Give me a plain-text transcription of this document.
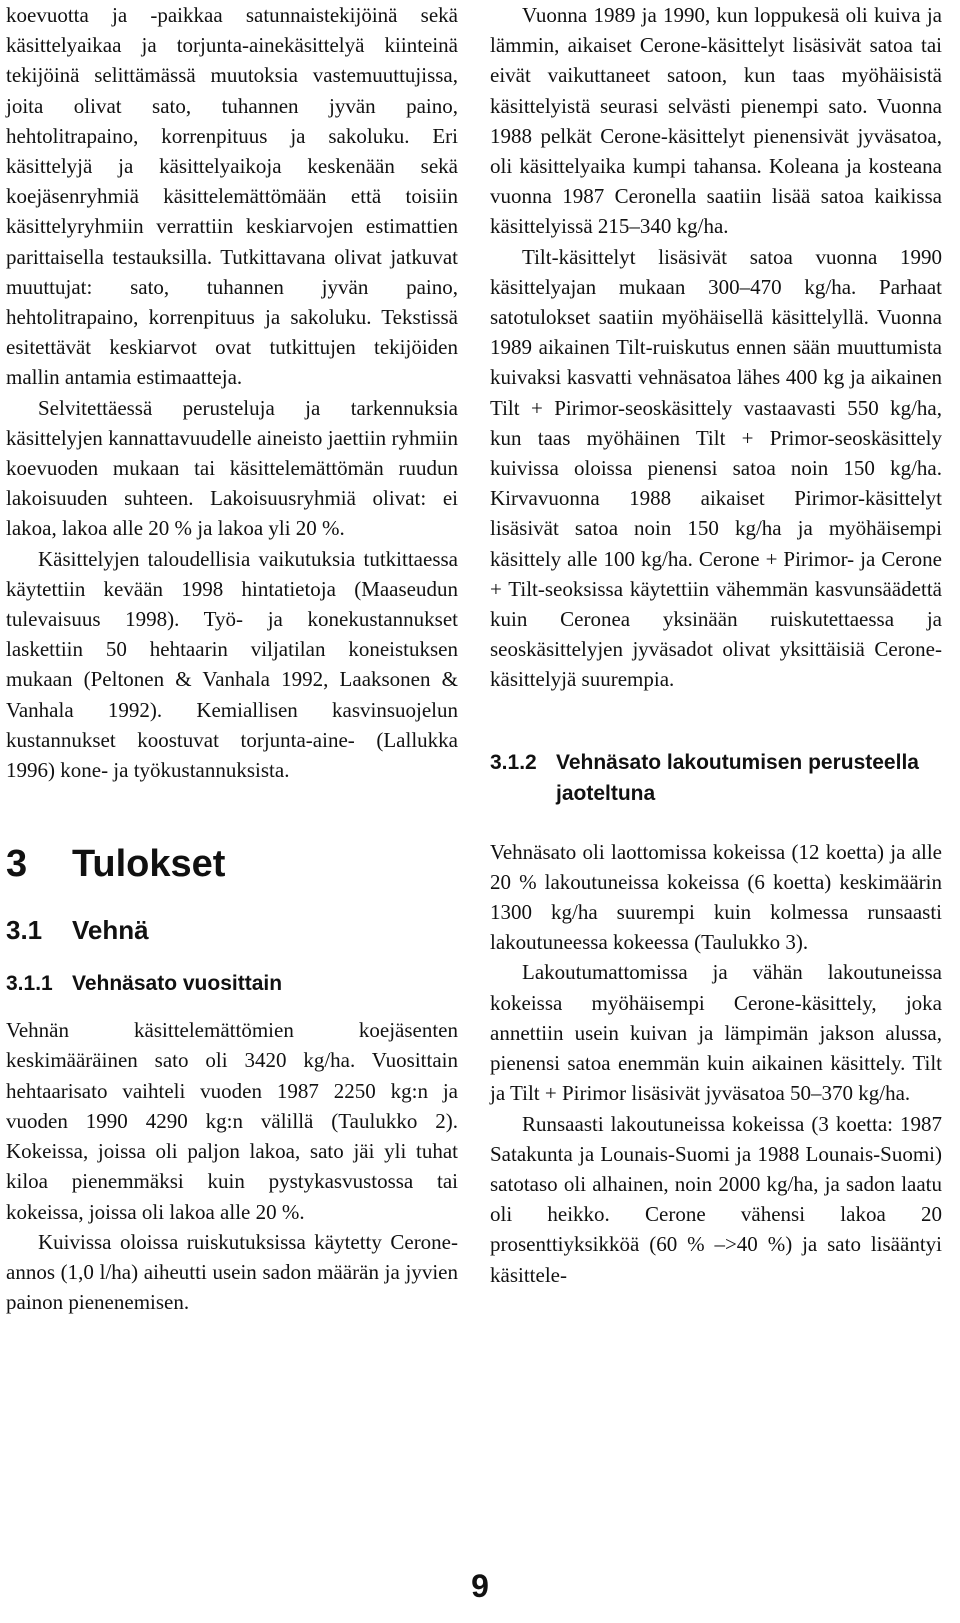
koevuotta ja -paikkaa satunnaistekijöinä sekä käsittelyaikaa ja torjunta-ainekäsittelyä kiinteinä tekijöinä selittämässä muutoksia vastemuuttujissa, joita olivat sato, tuhannen jyvän paino, hehtolitrapaino, korrenpituus ja sakoluku. Eri käsittelyjä ja käsittelyaikoja keskenään sekä koejäsenryhmiä käsittelemättömään että toisiin käsittelyryhmiin verrattiin keskiarvojen estimattien parittaisella testauksilla. Tutkittavana olivat jatkuvat muuttujat: sato, tuhannen jyvän paino, hehtolitrapaino, korrenpituus ja sakoluku. Tekstissä esitettävät keskiarvot ovat tutkittujen tekijöiden mallin antamia estimaatteja.

Selvitettäessä perusteluja ja tarkennuksia käsittelyjen kannattavuudelle aineisto jaettiin ryhmiin koevuoden mukaan tai käsittelemättömän ruudun lakoisuuden suhteen. Lakoisuusryhmiä olivat: ei lakoa, lakoa alle 20 % ja lakoa yli 20 %.

Käsittelyjen taloudellisia vaikutuksia tutkittaessa käytettiin kevään 1998 hintatietoja (Maaseudun tulevaisuus 1998). Työ- ja konekustannukset laskettiin 50 hehtaarin viljatilan koneistuksen mukaan (Peltonen & Vanhala 1992, Laaksonen & Vanhala 1992). Kemiallisen kasvinsuojelun kustannukset koostuvat torjunta-aine- (Lallukka 1996) kone- ja työkustannuksista.

3	Tulokset
3.1	Vehnä
3.1.1 Vehnäsato vuosittain

Vehnän käsittelemättömien koejäsenten keskimääräinen sato oli 3420 kg/ha. Vuosittain hehtaarisato vaihteli vuoden 1987 2250 kg:n ja vuoden 1990 4290 kg:n välillä (Taulukko 2). Kokeissa, joissa oli paljon lakoa, sato jäi yli tuhat kiloa pienemmäksi kuin pystykasvustossa tai kokeissa, joissa oli lakoa alle 20 %.

Kuivissa oloissa ruiskutuksissa käytetty Cerone-annos (1,0 l/ha) aiheutti usein sadon määrän ja jyvien painon pienenemisen.

Vuonna 1989 ja 1990, kun loppukesä oli kuiva ja lämmin, aikaiset Cerone-käsittelyt lisäsivät satoa tai eivät vaikuttaneet satoon, kun taas myöhäisistä käsittelyistä seurasi selvästi pienempi sato. Vuonna 1988 pelkät Cerone-käsittelyt pienensivät jyväsatoa, oli käsittelyaika kumpi tahansa. Koleana ja kosteana vuonna 1987 Ceronella saatiin lisää satoa kaikissa käsittelyissä 215–340 kg/ha.

Tilt-käsittelyt lisäsivät satoa vuonna 1990 käsittelyajan mukaan 300–470 kg/ha. Parhaat satotulokset saatiin myöhäisellä käsittelyllä. Vuonna 1989 aikainen Tilt-ruiskutus ennen sään muuttumista kuivaksi kasvatti vehnäsatoa lähes 400 kg ja aikainen Tilt + Pirimor-seoskäsittely vastaavasti 550 kg/ha, kun taas myöhäinen Tilt + Primor-seoskäsittely kuivissa oloissa pienensi satoa noin 150 kg/ha. Kirvavuonna 1988 aikaiset Pirimor-käsittelyt lisäsivät satoa noin 150 kg/ha ja myöhäisempi käsittely alle 100 kg/ha. Cerone + Pirimor- ja Cerone + Tilt-seoksissa käytettiin vähemmän kasvunsäädettä kuin Ceronea yksinään ruiskutettaessa ja seoskäsittelyjen jyväsadot olivat yksittäisiä Cerone-käsittelyjä suurempia.

3.1.2 Vehnäsato lakoutumisen perusteella jaoteltuna

Vehnäsato oli laottomissa kokeissa (12 koetta) ja alle 20 % lakoutuneissa kokeissa (6 koetta) keskimäärin 1300 kg/ha suurempi kuin kolmessa runsaasti lakoutuneessa kokeessa (Taulukko 3).

Lakoutumattomissa ja vähän lakoutuneissa kokeissa myöhäisempi Cerone-käsittely, joka annettiin usein kuivan ja lämpimän jakson alussa, pienensi satoa enemmän kuin aikainen käsittely. Tilt ja Tilt + Pirimor lisäsivät jyväsatoa 50–370 kg/ha.

Runsaasti lakoutuneissa kokeissa (3 koetta: 1987 Satakunta ja Lounais-Suomi ja 1988 Lounais-Suomi) satotaso oli alhainen, noin 2000 kg/ha, ja sadon laatu oli heikko. Cerone vähensi lakoa 20 prosenttiyksikköä (60 % –>40 %) ja sato lisääntyi käsittele-

9
